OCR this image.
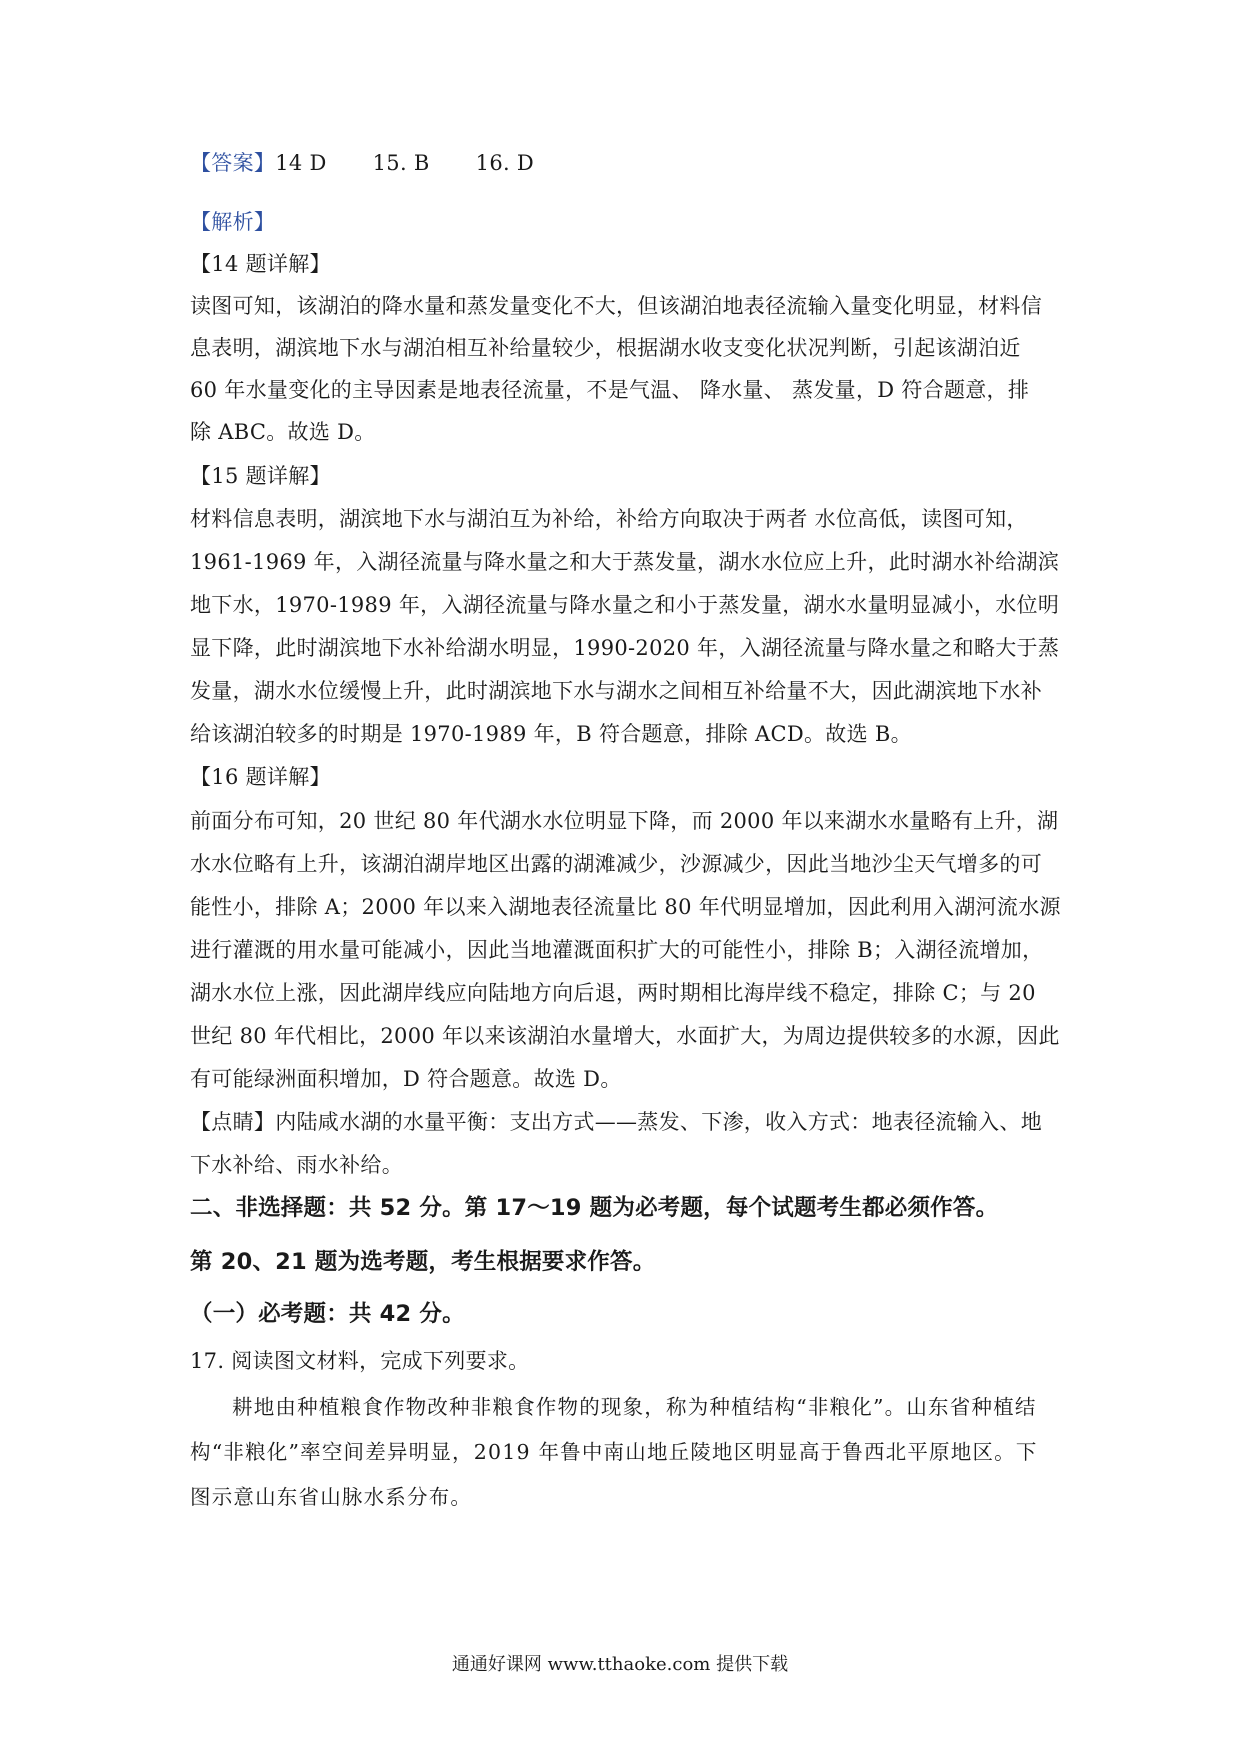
【答案】14 D 15. B 16. D
【解析】
【14 题详解】
读图可知，该湖泊的降水量和蒸发量变化不大，但该湖泊地表径流输入量变化明显，材料信
息表明，湖滨地下水与湖泊相互补给量较少，根据湖水收支变化状况判断，引起该湖泊近
60 年水量变化的主导因素是地表径流量，不是气温、 降水量、 蒸发量，D 符合题意，排
除 ABC。故选 D。
【15 题详解】
材料信息表明，湖滨地下水与湖泊互为补给，补给方向取决于两者 水位高低，读图可知，
1961-1969 年，入湖径流量与降水量之和大于蒸发量，湖水水位应上升，此时湖水补给湖滨
地下水，1970-1989 年，入湖径流量与降水量之和小于蒸发量，湖水水量明显减小，水位明
显下降，此时湖滨地下水补给湖水明显，1990-2020 年，入湖径流量与降水量之和略大于蒸
发量，湖水水位缓慢上升，此时湖滨地下水与湖水之间相互补给量不大，因此湖滨地下水补
给该湖泊较多的时期是 1970-1989 年，B 符合题意，排除 ACD。故选 B。
【16 题详解】
前面分布可知，20 世纪 80 年代湖水水位明显下降，而 2000 年以来湖水水量略有上升，湖
水水位略有上升，该湖泊湖岸地区出露的湖滩减少，沙源减少，因此当地沙尘天气增多的可
能性小，排除 A；2000 年以来入湖地表径流量比 80 年代明显增加，因此利用入湖河流水源
进行灌溉的用水量可能减小，因此当地灌溉面积扩大的可能性小，排除 B；入湖径流增加，
湖水水位上涨，因此湖岸线应向陆地方向后退，两时期相比海岸线不稳定，排除 C；与 20
世纪 80 年代相比，2000 年以来该湖泊水量增大，水面扩大，为周边提供较多的水源，因此
有可能绿洲面积增加，D 符合题意。故选 D。
【点睛】内陆咸水湖的水量平衡：支出方式——蒸发、下渗，收入方式：地表径流输入、地
下水补给、雨水补给。
二、非选择题：共 52 分。第 17～19 题为必考题，每个试题考生都必须作答。
第 20、21 题为选考题，考生根据要求作答。
（一）必考题：共 42 分。
17. 阅读图文材料，完成下列要求。
耕地由种植粮食作物改种非粮食作物的现象，称为种植结构“非粮化”。山东省种植结
构“非粮化”率空间差异明显，2019 年鲁中南山地丘陵地区明显高于鲁西北平原地区。下
图示意山东省山脉水系分布。
通通好课网 www.tthaoke.com 提供下载
